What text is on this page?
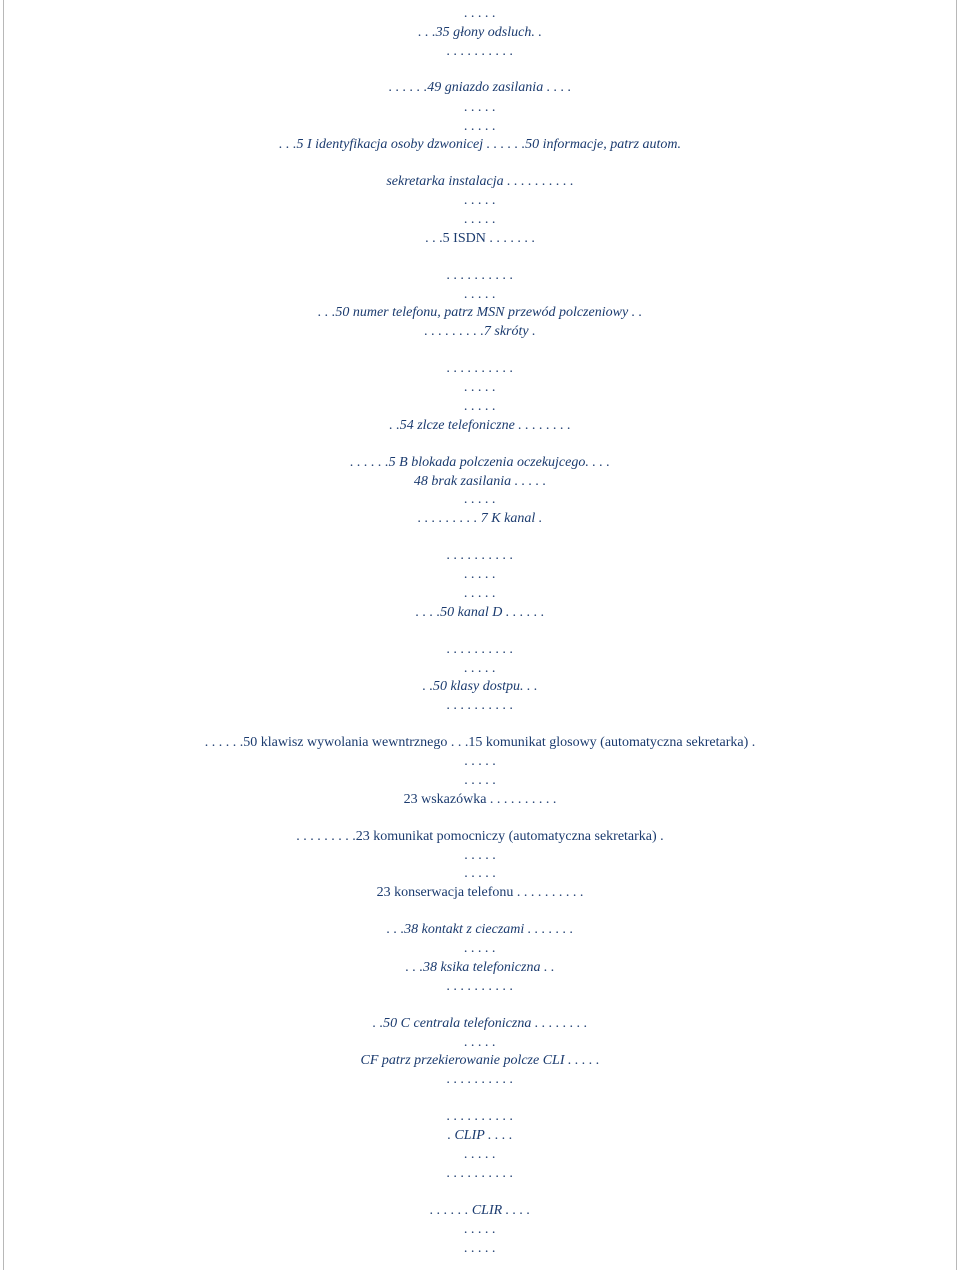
. . . . .
. . .35 głony odsluch. .
. . . . . . . . . .
. . . . . .49 gniazdo zasilania . . . .
. . . . .
. . . . .
. . .5 I identyfikacja osoby dzwonicej . . . . . .50 informacje, patrz autom.
sekretarka instalacja . . . . . . . . . .
. . . . .
. . . . .
. . .5 ISDN . . . . . . .
. . . . . . . . . .
. . . . .
. . .50 numer telefonu, patrz MSN przewód polczeniowy . .
. . . . . . . . .7 skróty .
. . . . . . . . . .
. . . . .
. . . . .
. .54 zlcze telefoniczne . . . . . . . .
. . . . . .5 B blokada polczenia oczekujcego. . . .
48 brak zasilania . . . . .
. . . . .
. . . . . . . . . 7 K kanal .
. . . . . . . . . .
. . . . .
. . . . .
. . . .50 kanal D . . . . . .
. . . . . . . . . .
. . . . .
. .50 klasy dostpu. . .
. . . . . . . . . .
. . . . . .50 klawisz wywolania wewntrznego . . .15 komunikat glosowy (automatyczna sekretarka) .
. . . . .
. . . . .
23 wskazówka . . . . . . . . . .
. . . . . . . . .23 komunikat pomocniczy (automatyczna sekretarka) .
. . . . .
. . . . .
23 konserwacja telefonu . . . . . . . . . .
. . .38 kontakt z cieczami . . . . . . .
. . . . .
. . .38 ksika telefoniczna . .
. . . . . . . . . .
. .50 C centrala telefoniczna . . . . . . . .
. . . . .
CF patrz przekierowanie polcze CLI . . . . .
. . . . . . . . . .
. . . . . . . . . .
. CLIP . . . .
. . . . .
. . . . . . . . . .
. . . . . . CLIR . . . .
. . . . .
. . . . .
